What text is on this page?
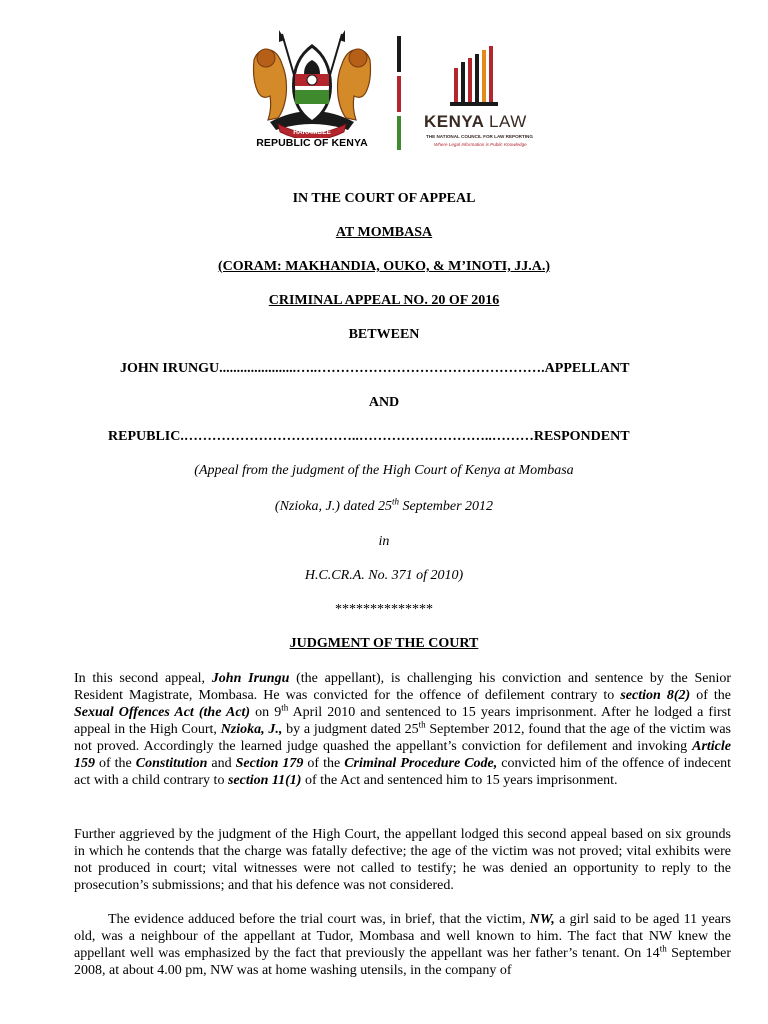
HARAMBEE
REPUBLIC OF KENYA
KENYA LAW
THE NATIONAL COUNCIL FOR LAW REPORTING
Where Legal Information is Public Knowledge
IN THE COURT OF APPEAL
AT MOMBASA
(CORAM: MAKHANDIA, OUKO, & M’INOTI, JJ.A.)
CRIMINAL APPEAL NO. 20 OF 2016
BETWEEN
JOHN IRUNGU......................…..………………………………………….APPELLANT
AND
REPUBLIC.………………………………..………………………..………RESPONDENT
(Appeal from the judgment of the High Court of Kenya at Mombasa
(Nzioka, J.) dated 25th September 2012
in
H.C.CR.A. No. 371 of 2010)
**************
JUDGMENT OF THE COURT
In this second appeal, John Irungu (the appellant), is challenging his conviction and sentence by the Senior Resident Magistrate, Mombasa. He was convicted for the offence of defilement contrary to section 8(2) of the Sexual Offences Act (the Act) on 9th April 2010 and sentenced to 15 years imprisonment. After he lodged a first appeal in the High Court, Nzioka, J., by a judgment dated 25th September 2012, found that the age of the victim was not proved. Accordingly the learned judge quashed the appellant’s conviction for defilement and invoking Article 159 of the Constitution and Section 179 of the Criminal Procedure Code, convicted him of the offence of indecent act with a child contrary to section 11(1) of the Act and sentenced him to 15 years imprisonment.
Further aggrieved by the judgment of the High Court, the appellant lodged this second appeal based on six grounds in which he contends that the charge was fatally defective; the age of the victim was not proved; vital exhibits were not produced in court; vital witnesses were not called to testify; he was denied an opportunity to reply to the prosecution’s submissions; and that his defence was not considered.
The evidence adduced before the trial court was, in brief, that the victim, NW, a girl said to be aged 11 years old, was a neighbour of the appellant at Tudor, Mombasa and well known to him. The fact that NW knew the appellant well was emphasized by the fact that previously the appellant was her father’s tenant. On 14th September 2008, at about 4.00 pm, NW was at home washing utensils, in the company of
